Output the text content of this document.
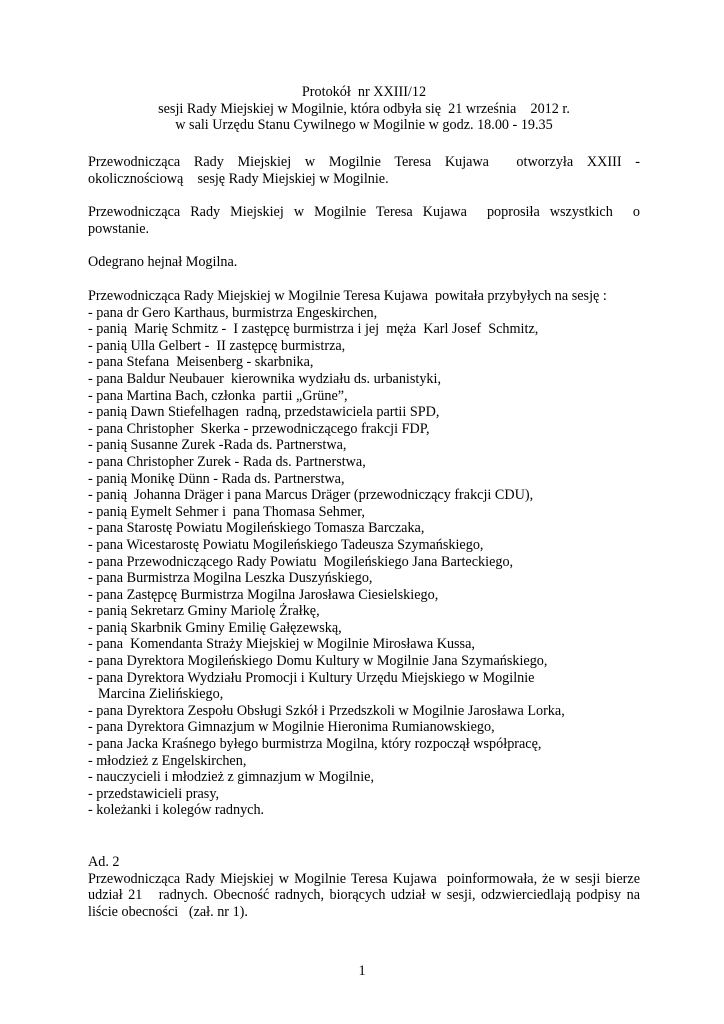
Protokół  nr XXIII/12
sesji Rady Miejskiej w Mogilnie, która odbyła się  21 września    2012 r.
w sali Urzędu Stanu Cywilnego w Mogilnie w godz. 18.00 - 19.35
Przewodnicząca  Rady  Miejskiej  w  Mogilnie  Teresa  Kujawa    otworzyła  XXIII  -
okolicznościową    sesję Rady Miejskiej w Mogilnie.
Przewodnicząca  Rady  Miejskiej  w  Mogilnie  Teresa  Kujawa    poprosiła  wszystkich    o
powstanie.
Odegrano hejnał Mogilna.
Przewodnicząca Rady Miejskiej w Mogilnie Teresa Kujawa  powitała przybyłych na sesję :
- pana dr Gero Karthaus, burmistrza Engeskirchen,
- panią  Marię Schmitz -  I zastępcę burmistrza i jej  męża  Karl Josef  Schmitz,
- panią Ulla Gelbert -  II zastępcę burmistrza,
- pana Stefana  Meisenberg - skarbnika,
- pana Baldur Neubauer  kierownika wydziału ds. urbanistyki,
- pana Martina Bach, członka  partii „Grüne”,
- panią Dawn Stiefelhagen  radną, przedstawiciela partii SPD,
- pana Christopher  Skerka - przewodniczącego frakcji FDP,
- panią Susanne Zurek -Rada ds. Partnerstwa,
- pana Christopher Zurek - Rada ds. Partnerstwa,
- panią Monikę Dünn - Rada ds. Partnerstwa,
- panią  Johanna Dräger i pana Marcus Dräger (przewodniczący frakcji CDU),
- panią Eymelt Sehmer i  pana Thomasa Sehmer,
- pana Starostę Powiatu Mogileńskiego Tomasza Barczaka,
- pana Wicestarostę Powiatu Mogileńskiego Tadeusza Szymańskiego,
- pana Przewodniczącego Rady Powiatu  Mogileńskiego Jana Barteckiego,
- pana Burmistrza Mogilna Leszka Duszyńskiego,
- pana Zastępcę Burmistrza Mogilna Jarosława Ciesielskiego,
- panią Sekretarz Gminy Mariolę Żrałkę,
- panią Skarbnik Gminy Emilię Gałęzewską,
- pana  Komendanta Straży Miejskiej w Mogilnie Mirosława Kussa,
- pana Dyrektora Mogileńskiego Domu Kultury w Mogilnie Jana Szymańskiego,
- pana Dyrektora Wydziału Promocji i Kultury Urzędu Miejskiego w Mogilnie
Marcina Zielińskiego,
- pana Dyrektora Zespołu Obsługi Szkół i Przedszkoli w Mogilnie Jarosława Lorka,
- pana Dyrektora Gimnazjum w Mogilnie Hieronima Rumianowskiego,
- pana Jacka Kraśnego byłego burmistrza Mogilna, który rozpoczął współpracę,
- młodzież z Engelskirchen,
- nauczycieli i młodzież z gimnazjum w Mogilnie,
- przedstawicieli prasy,
- koleżanki i kolegów radnych.
Ad. 2
Przewodnicząca Rady Miejskiej w Mogilnie Teresa Kujawa  poinformowała, że w sesji bierze
udział 21   radnych. Obecność radnych, biorących udział w sesji, odzwierciedlają podpisy na
liście obecności   (zał. nr 1).
1
